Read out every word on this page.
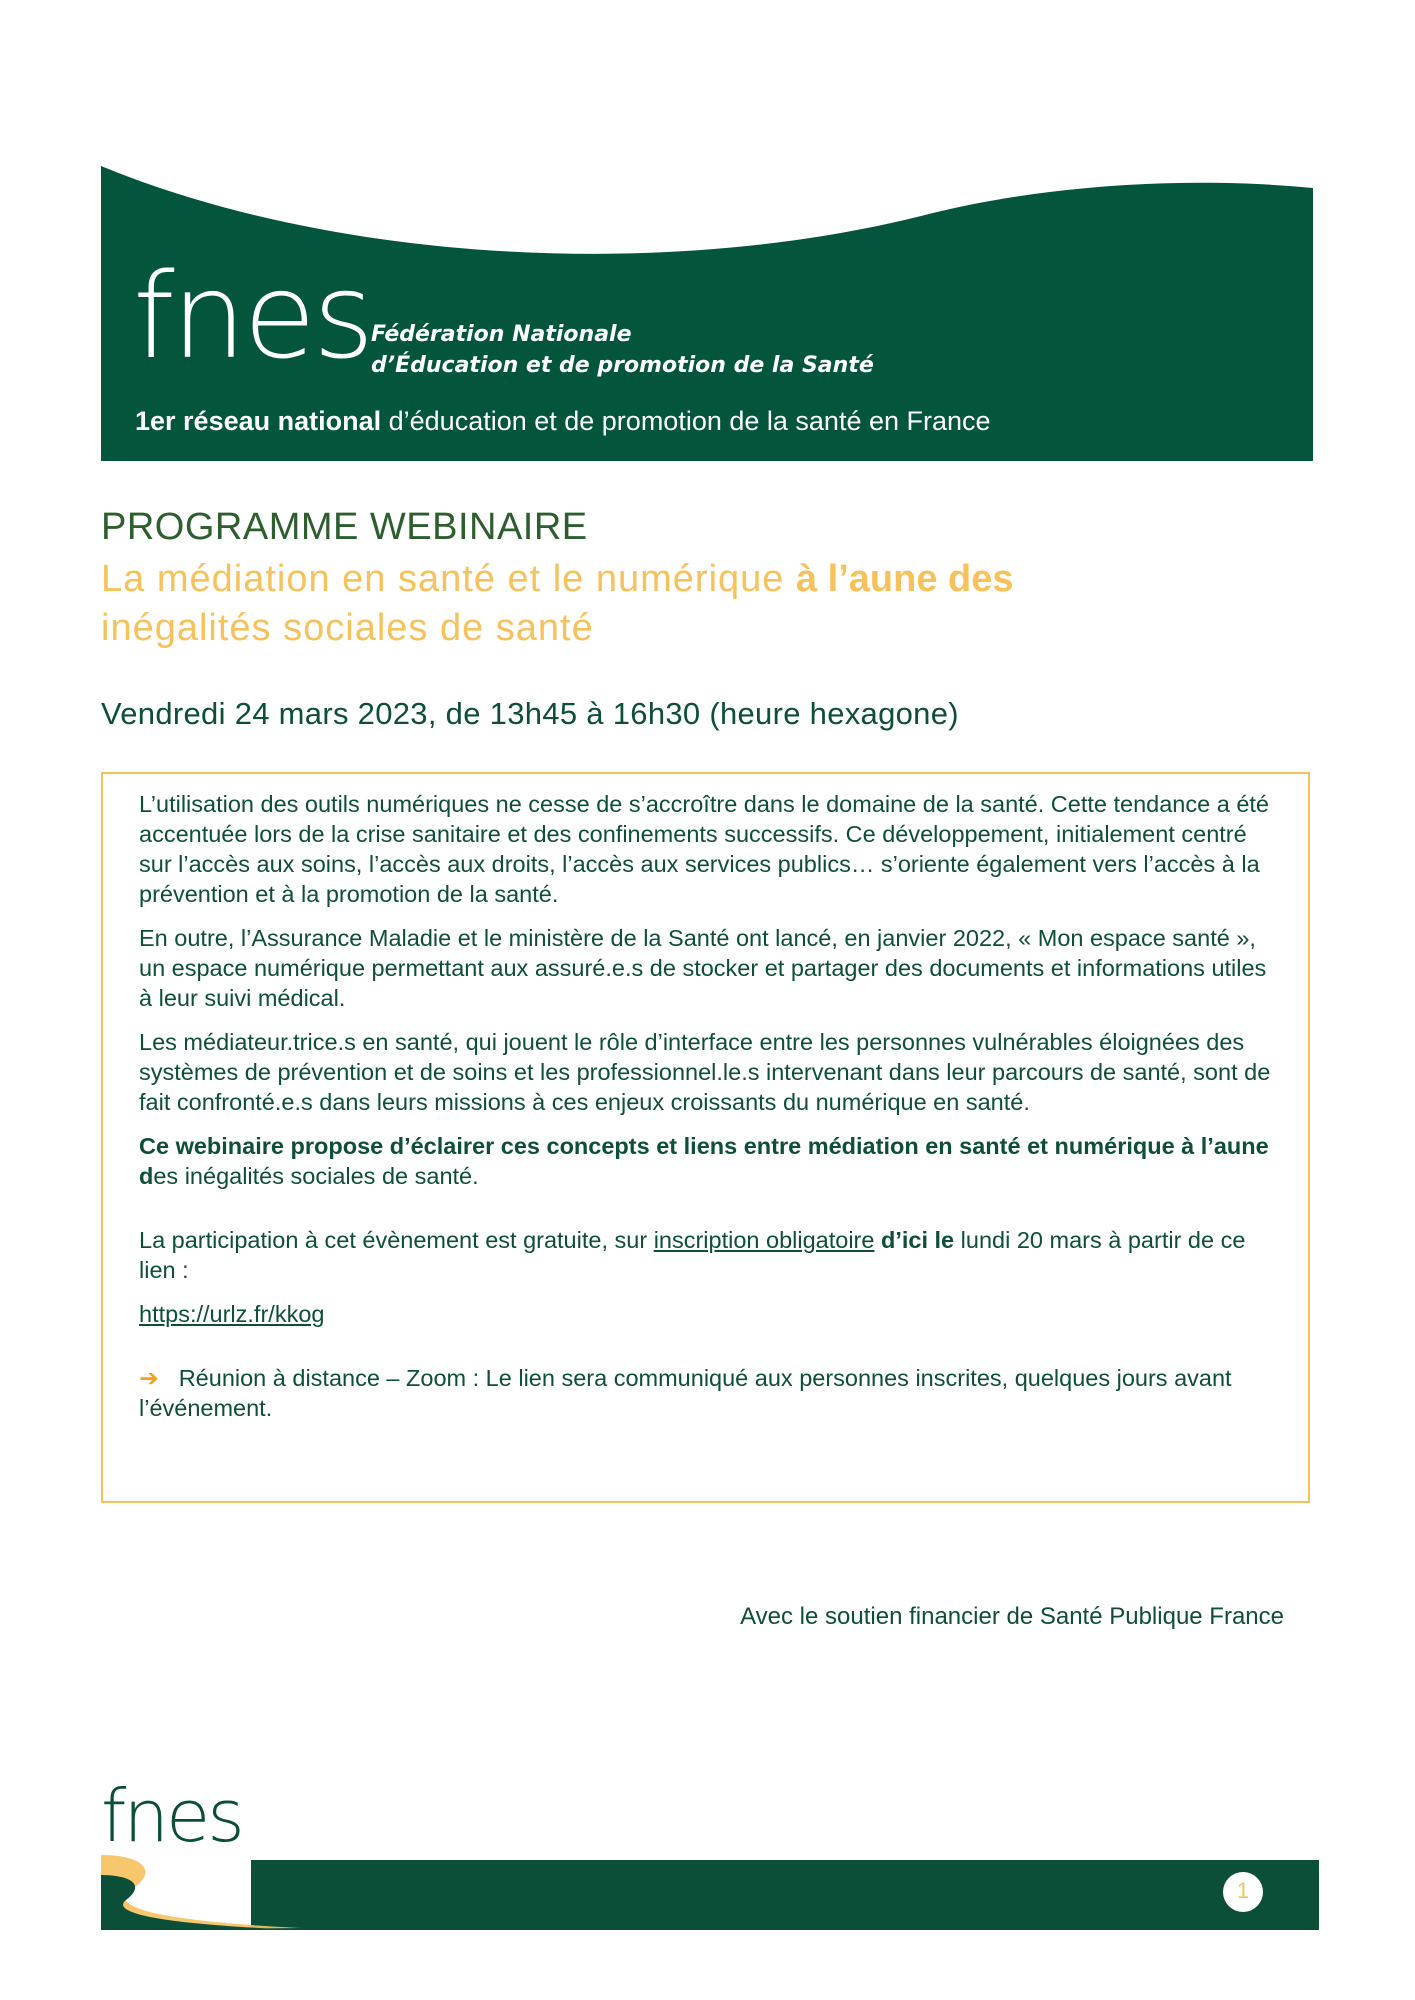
fnes Fédération Nationale
d’Éducation et de promotion de la Santé
1er réseau national d’éducation et de promotion de la santé en France
PROGRAMME WEBINAIRE
La médiation en santé et le numérique à l’aune des
inégalités sociales de santé
Vendredi 24 mars 2023, de 13h45 à 16h30 (heure hexagone)

L’utilisation des outils numériques ne cesse de s’accroître dans le domaine de la santé. Cette tendance a été accentuée lors de la crise sanitaire et des confinements successifs. Ce développement, initialement centré sur l’accès aux soins, l’accès aux droits, l’accès aux services publics… s’oriente également vers l’accès à la prévention et à la promotion de la santé.

En outre, l’Assurance Maladie et le ministère de la Santé ont lancé, en janvier 2022, « Mon espace santé », un espace numérique permettant aux assuré.e.s de stocker et partager des documents et informations utiles à leur suivi médical.

Les médiateur.trice.s en santé, qui jouent le rôle d’interface entre les personnes vulnérables éloignées des systèmes de prévention et de soins et les professionnel.le.s intervenant dans leur parcours de santé, sont de fait confronté.e.s dans leurs missions à ces enjeux croissants du numérique en santé.

Ce webinaire propose d’éclairer ces concepts et liens entre médiation en santé et numérique à l’aune des inégalités sociales de santé.

La participation à cet évènement est gratuite, sur inscription obligatoire d’ici le lundi 20 mars à partir de ce lien :

https://urlz.fr/kkog

➔ Réunion à distance – Zoom : Le lien sera communiqué aux personnes inscrites, quelques jours avant l’événement.

Avec le soutien financier de Santé Publique France
fnes
Fédération Nationale
d’Education et
de promotion de la Santé
1
